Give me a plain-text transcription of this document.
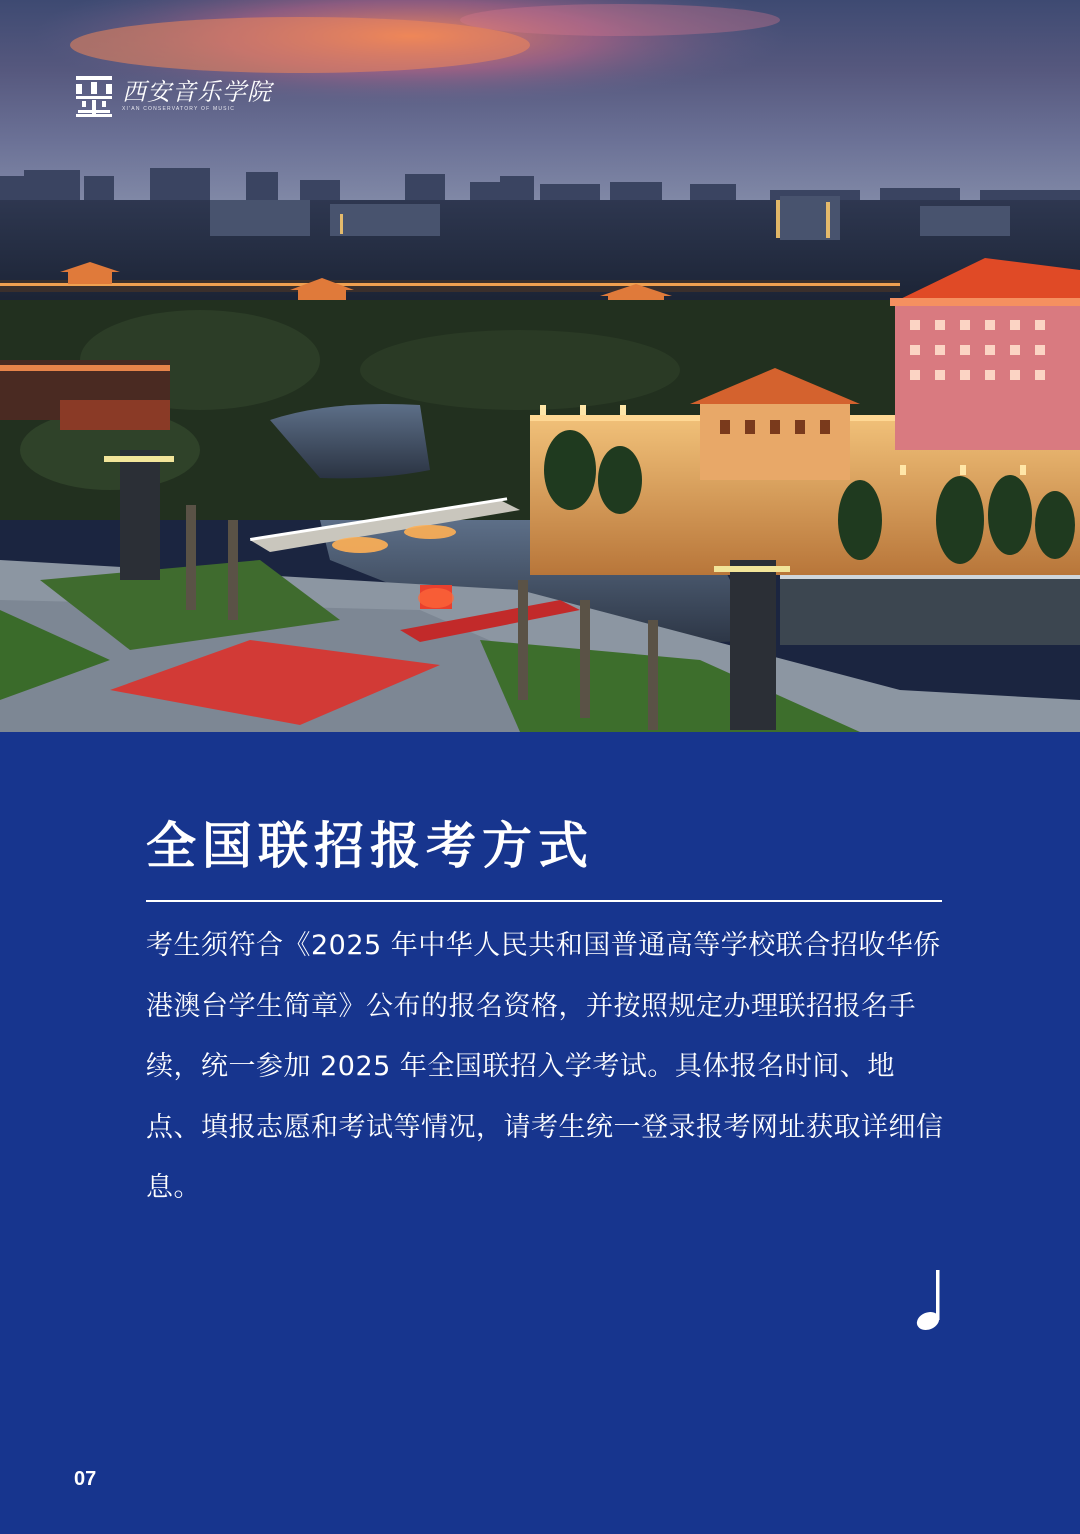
西安音乐学院
XI'AN CONSERVATORY OF MUSIC
全国联招报考方式

考生须符合《2025 年中华人民共和国普通高等学校联合招收华侨港澳台学生简章》公布的报名资格，并按照规定办理联招报名手续，统一参加 2025 年全国联招入学考试。具体报名时间、地点、填报志愿和考试等情况，请考生统一登录报考网址获取详细信息。

07
